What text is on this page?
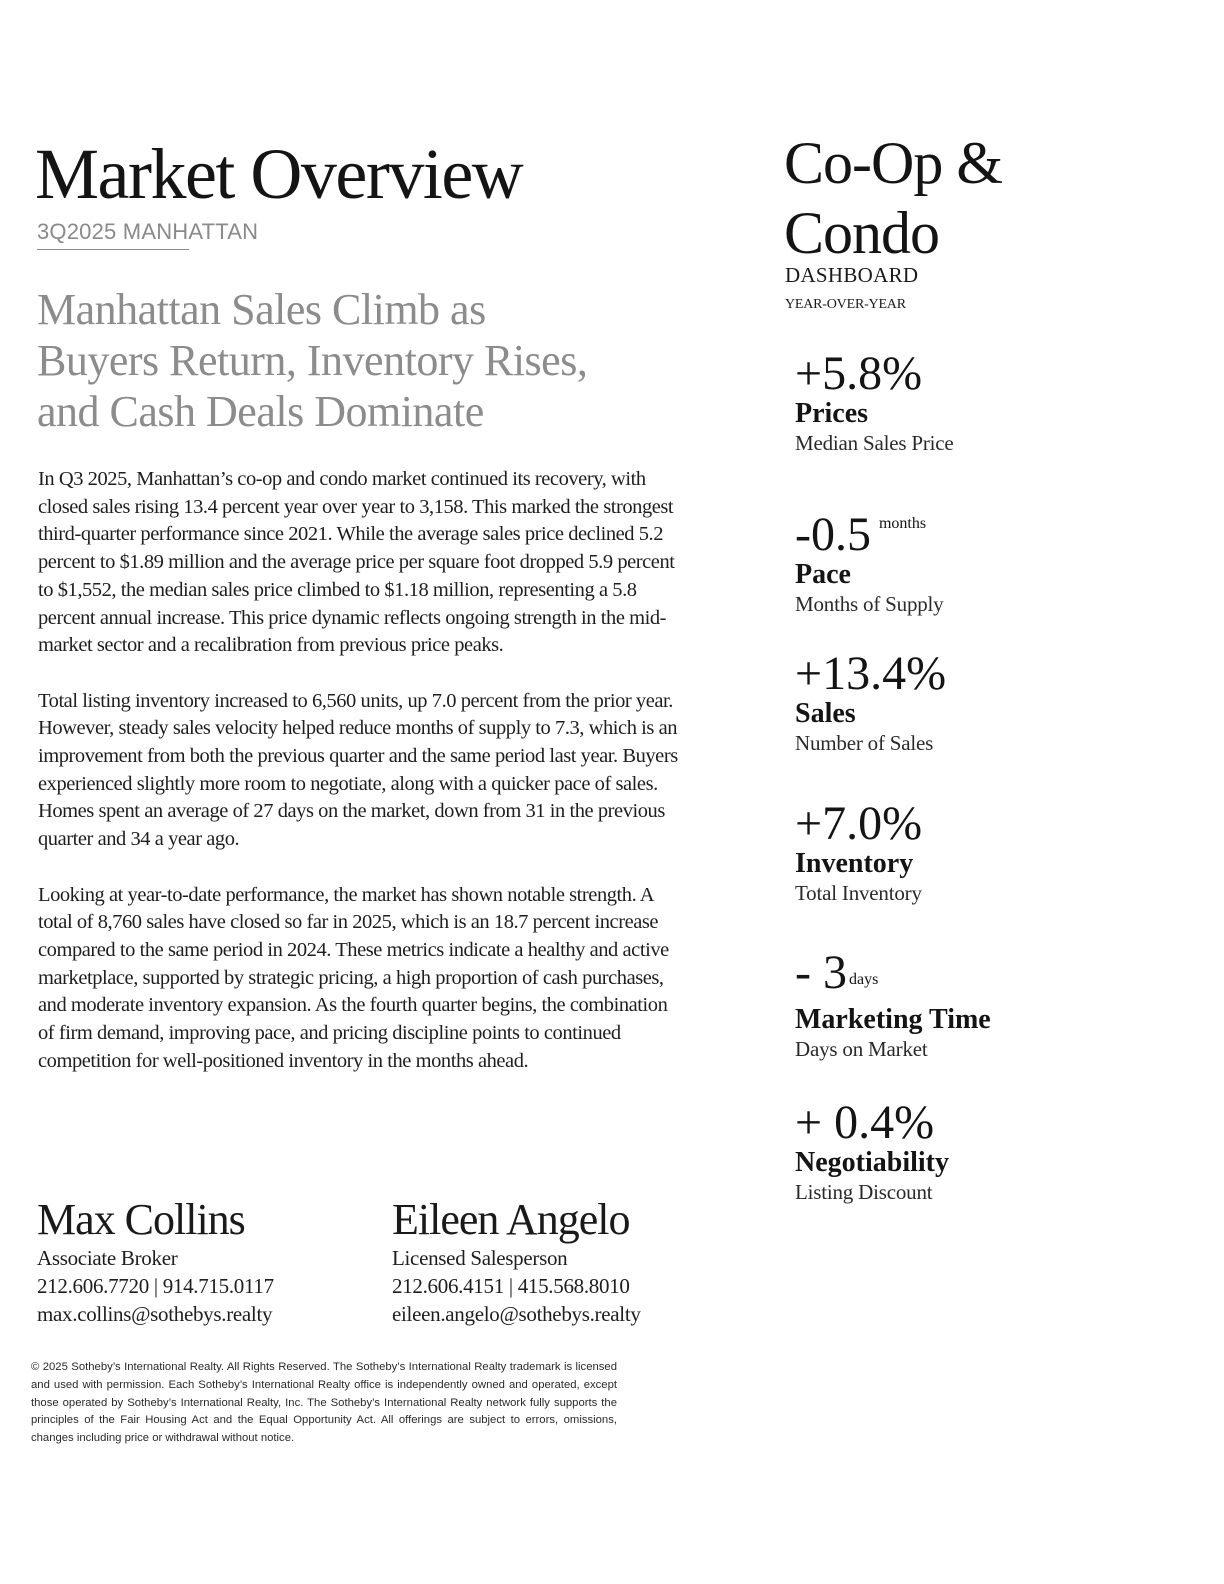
Market Overview
3Q2025 MANHATTAN
Manhattan Sales Climb as
Buyers Return, Inventory Rises,
and Cash Deals Dominate

In Q3 2025, Manhattan’s co-op and condo market continued its recovery, with closed sales rising 13.4 percent year over year to 3,158. This marked the strongest third-quarter performance since 2021. While the average sales price declined 5.2 percent to $1.89 million and the average price per square foot dropped 5.9 percent to $1,552, the median sales price climbed to $1.18 million, representing a 5.8 percent annual increase. This price dynamic reflects ongoing strength in the mid-market sector and a recalibration from previous price peaks.

Total listing inventory increased to 6,560 units, up 7.0 percent from the prior year. However, steady sales velocity helped reduce months of supply to 7.3, which is an improvement from both the previous quarter and the same period last year. Buyers experienced slightly more room to negotiate, along with a quicker pace of sales. Homes spent an average of 27 days on the market, down from 31 in the previous quarter and 34 a year ago.

Looking at year-to-date performance, the market has shown notable strength. A total of 8,760 sales have closed so far in 2025, which is an 18.7 percent increase compared to the same period in 2024. These metrics indicate a healthy and active marketplace, supported by strategic pricing, a high proportion of cash purchases, and moderate inventory expansion. As the fourth quarter begins, the combination of firm demand, improving pace, and pricing discipline points to continued competition for well-positioned inventory in the months ahead.

Max Collins
Associate Broker
212.606.7720 | 914.715.0117
max.collins@sothebys.realty
Eileen Angelo
Licensed Salesperson
212.606.4151 | 415.568.8010
eileen.angelo@sothebys.realty
© 2025 Sotheby’s International Realty. All Rights Reserved. The Sotheby’s International Realty trademark is licensed and used with permission. Each Sotheby’s International Realty office is independently owned and operated, except those operated by Sotheby’s International Realty, Inc. The Sotheby’s International Realty network fully supports the principles of the Fair Housing Act and the Equal Opportunity Act. All offerings are subject to errors, omissions, changes including price or withdrawal without notice.
Co-Op &
Condo
DASHBOARD
YEAR-OVER-YEAR
+5.8%
Prices
Median Sales Price
-0.5 $^{months}$
Pace
Months of Supply
+13.4%
Sales
Number of Sales
+7.0%
Inventory
Total Inventory
- 3 days
Marketing Time
Days on Market
+ 0.4%
Negotiability
Listing Discount
